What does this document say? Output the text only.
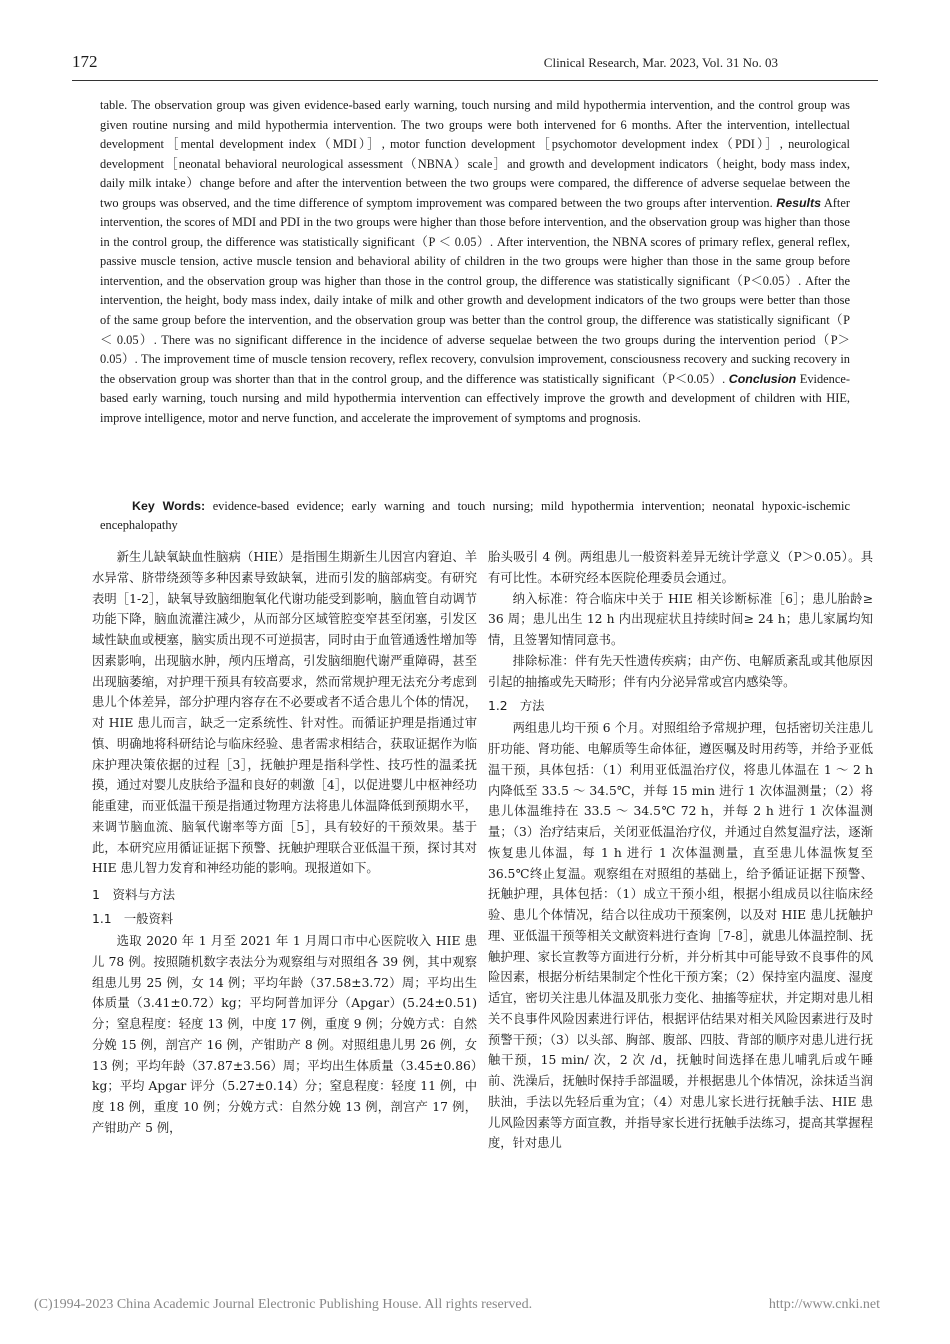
172	Clinical Research, Mar. 2023, Vol. 31 No. 03
table. The observation group was given evidence-based early warning, touch nursing and mild hypothermia intervention, and the control group was given routine nursing and mild hypothermia intervention. The two groups were both intervened for 6 months. After the intervention, intellectual development［mental development index（MDI）］, motor function development［psychomotor development index（PDI）］, neurological development［neonatal behavioral neurological assessment（NBNA）scale］and growth and development indicators（height, body mass index, daily milk intake）change before and after the intervention between the two groups were compared, the difference of adverse sequelae between the two groups was observed, and the time difference of symptom improvement was compared between the two groups after intervention. Results After intervention, the scores of MDI and PDI in the two groups were higher than those before intervention, and the observation group was higher than those in the control group, the difference was statistically significant（P ＜ 0.05）. After intervention, the NBNA scores of primary reflex, general reflex, passive muscle tension, active muscle tension and behavioral ability of children in the two groups were higher than those in the same group before intervention, and the observation group was higher than those in the control group, the difference was statistically significant（P＜0.05）. After the intervention, the height, body mass index, daily intake of milk and other growth and development indicators of the two groups were better than those of the same group before the intervention, and the observation group was better than the control group, the difference was statistically significant（P ＜ 0.05）. There was no significant difference in the incidence of adverse sequelae between the two groups during the intervention period（P＞0.05）. The improvement time of muscle tension recovery, reflex recovery, convulsion improvement, consciousness recovery and sucking recovery in the observation group was shorter than that in the control group, and the difference was statistically significant（P＜0.05）. Conclusion Evidence-based early warning, touch nursing and mild hypothermia intervention can effectively improve the growth and development of children with HIE, improve intelligence, motor and nerve function, and accelerate the improvement of symptoms and prognosis.
Key Words: evidence-based evidence; early warning and touch nursing; mild hypothermia intervention; neonatal hypoxic-ischemic encephalopathy

新生儿缺氧缺血性脑病（HIE）是指围生期新生儿因宫内窘迫、羊水异常、脐带绕颈等多种因素导致缺氧，进而引发的脑部病变。有研究表明［1-2］，缺氧导致脑细胞氧化代谢功能受到影响，脑血管自动调节功能下降，脑血流灌注减少，从而部分区域管腔变窄甚至闭塞，引发区域性缺血或梗塞，脑实质出现不可逆损害，同时由于血管通透性增加等因素影响，出现脑水肿，颅内压增高，引发脑细胞代谢严重障碍，甚至出现脑萎缩，对护理干预具有较高要求，然而常规护理无法充分考虑到患儿个体差异，部分护理内容存在不必要或者不适合患儿个体的情况，对 HIE 患儿而言，缺乏一定系统性、针对性。而循证护理是指通过审慎、明确地将科研结论与临床经验、患者需求相结合，获取证据作为临床护理决策依据的过程［3］，抚触护理是指科学性、技巧性的温柔抚摸，通过对婴儿皮肤给予温和良好的刺激［4］，以促进婴儿中枢神经功能重建，而亚低温干预是指通过物理方法将患儿体温降低到预期水平，来调节脑血流、脑氧代谢率等方面［5］，具有较好的干预效果。基于此，本研究应用循证证据下预警、抚触护理联合亚低温干预，探讨其对 HIE 患儿智力发育和神经功能的影响。现报道如下。

1　资料与方法
1.1　一般资料

选取 2020 年 1 月至 2021 年 1 月周口市中心医院收入 HIE 患儿 78 例。按照随机数字表法分为观察组与对照组各 39 例，其中观察组患儿男 25 例，女 14 例；平均年龄（37.58±3.72）周；平均出生体质量（3.41±0.72）kg；平均阿普加评分（Apgar）(5.24±0.51) 分；窒息程度：轻度 13 例，中度 17 例，重度 9 例；分娩方式：自然分娩 15 例，剖宫产 16 例，产钳助产 8 例。对照组患儿男 26 例，女 13 例；平均年龄（37.87±3.56）周；平均出生体质量（3.45±0.86）kg；平均 Apgar 评分（5.27±0.14）分；窒息程度：轻度 11 例，中度 18 例，重度 10 例；分娩方式：自然分娩 13 例，剖宫产 17 例，产钳助产 5 例，

胎头吸引 4 例。两组患儿一般资料差异无统计学意义（P＞0.05）。具有可比性。本研究经本医院伦理委员会通过。

纳入标准：符合临床中关于 HIE 相关诊断标准［6］；患儿胎龄≥ 36 周；患儿出生 12 h 内出现症状且持续时间≥ 24 h；患儿家属均知情，且签署知情同意书。

排除标准：伴有先天性遗传疾病；由产伤、电解质紊乱或其他原因引起的抽搐或先天畸形；伴有内分泌异常或宫内感染等。

1.2　方法

两组患儿均干预 6 个月。对照组给予常规护理，包括密切关注患儿肝功能、肾功能、电解质等生命体征，遵医嘱及时用药等，并给予亚低温干预，具体包括：（1）利用亚低温治疗仪，将患儿体温在 1 ～ 2 h 内降低至 33.5 ～ 34.5℃，并每 15 min 进行 1 次体温测量；（2）将患儿体温维持在 33.5 ～ 34.5℃ 72 h，并每 2 h 进行 1 次体温测量；（3）治疗结束后，关闭亚低温治疗仪，并通过自然复温疗法，逐渐恢复患儿体温，每 1 h 进行 1 次体温测量，直至患儿体温恢复至 36.5℃终止复温。观察组在对照组的基础上，给予循证证据下预警、抚触护理，具体包括：（1）成立干预小组，根据小组成员以往临床经验、患儿个体情况，结合以往成功干预案例，以及对 HIE 患儿抚触护理、亚低温干预等相关文献资料进行查询［7-8］，就患儿体温控制、抚触护理、家长宣教等方面进行分析，并分析其中可能导致不良事件的风险因素，根据分析结果制定个性化干预方案；（2）保持室内温度、湿度适宜，密切关注患儿体温及肌张力变化、抽搐等症状，并定期对患儿相关不良事件风险因素进行评估，根据评估结果对相关风险因素进行及时预警干预；（3）以头部、胸部、腹部、四肢、背部的顺序对患儿进行抚触干预，15 min/ 次，2 次 /d，抚触时间选择在患儿哺乳后或午睡前、洗澡后，抚触时保持手部温暖，并根据患儿个体情况，涂抹适当润肤油，手法以先轻后重为宜；（4）对患儿家长进行抚触手法、HIE 患儿风险因素等方面宣教，并指导家长进行抚触手法练习，提高其掌握程度，针对患儿

(C)1994-2023 China Academic Journal Electronic Publishing House. All rights reserved.	http://www.cnki.net
